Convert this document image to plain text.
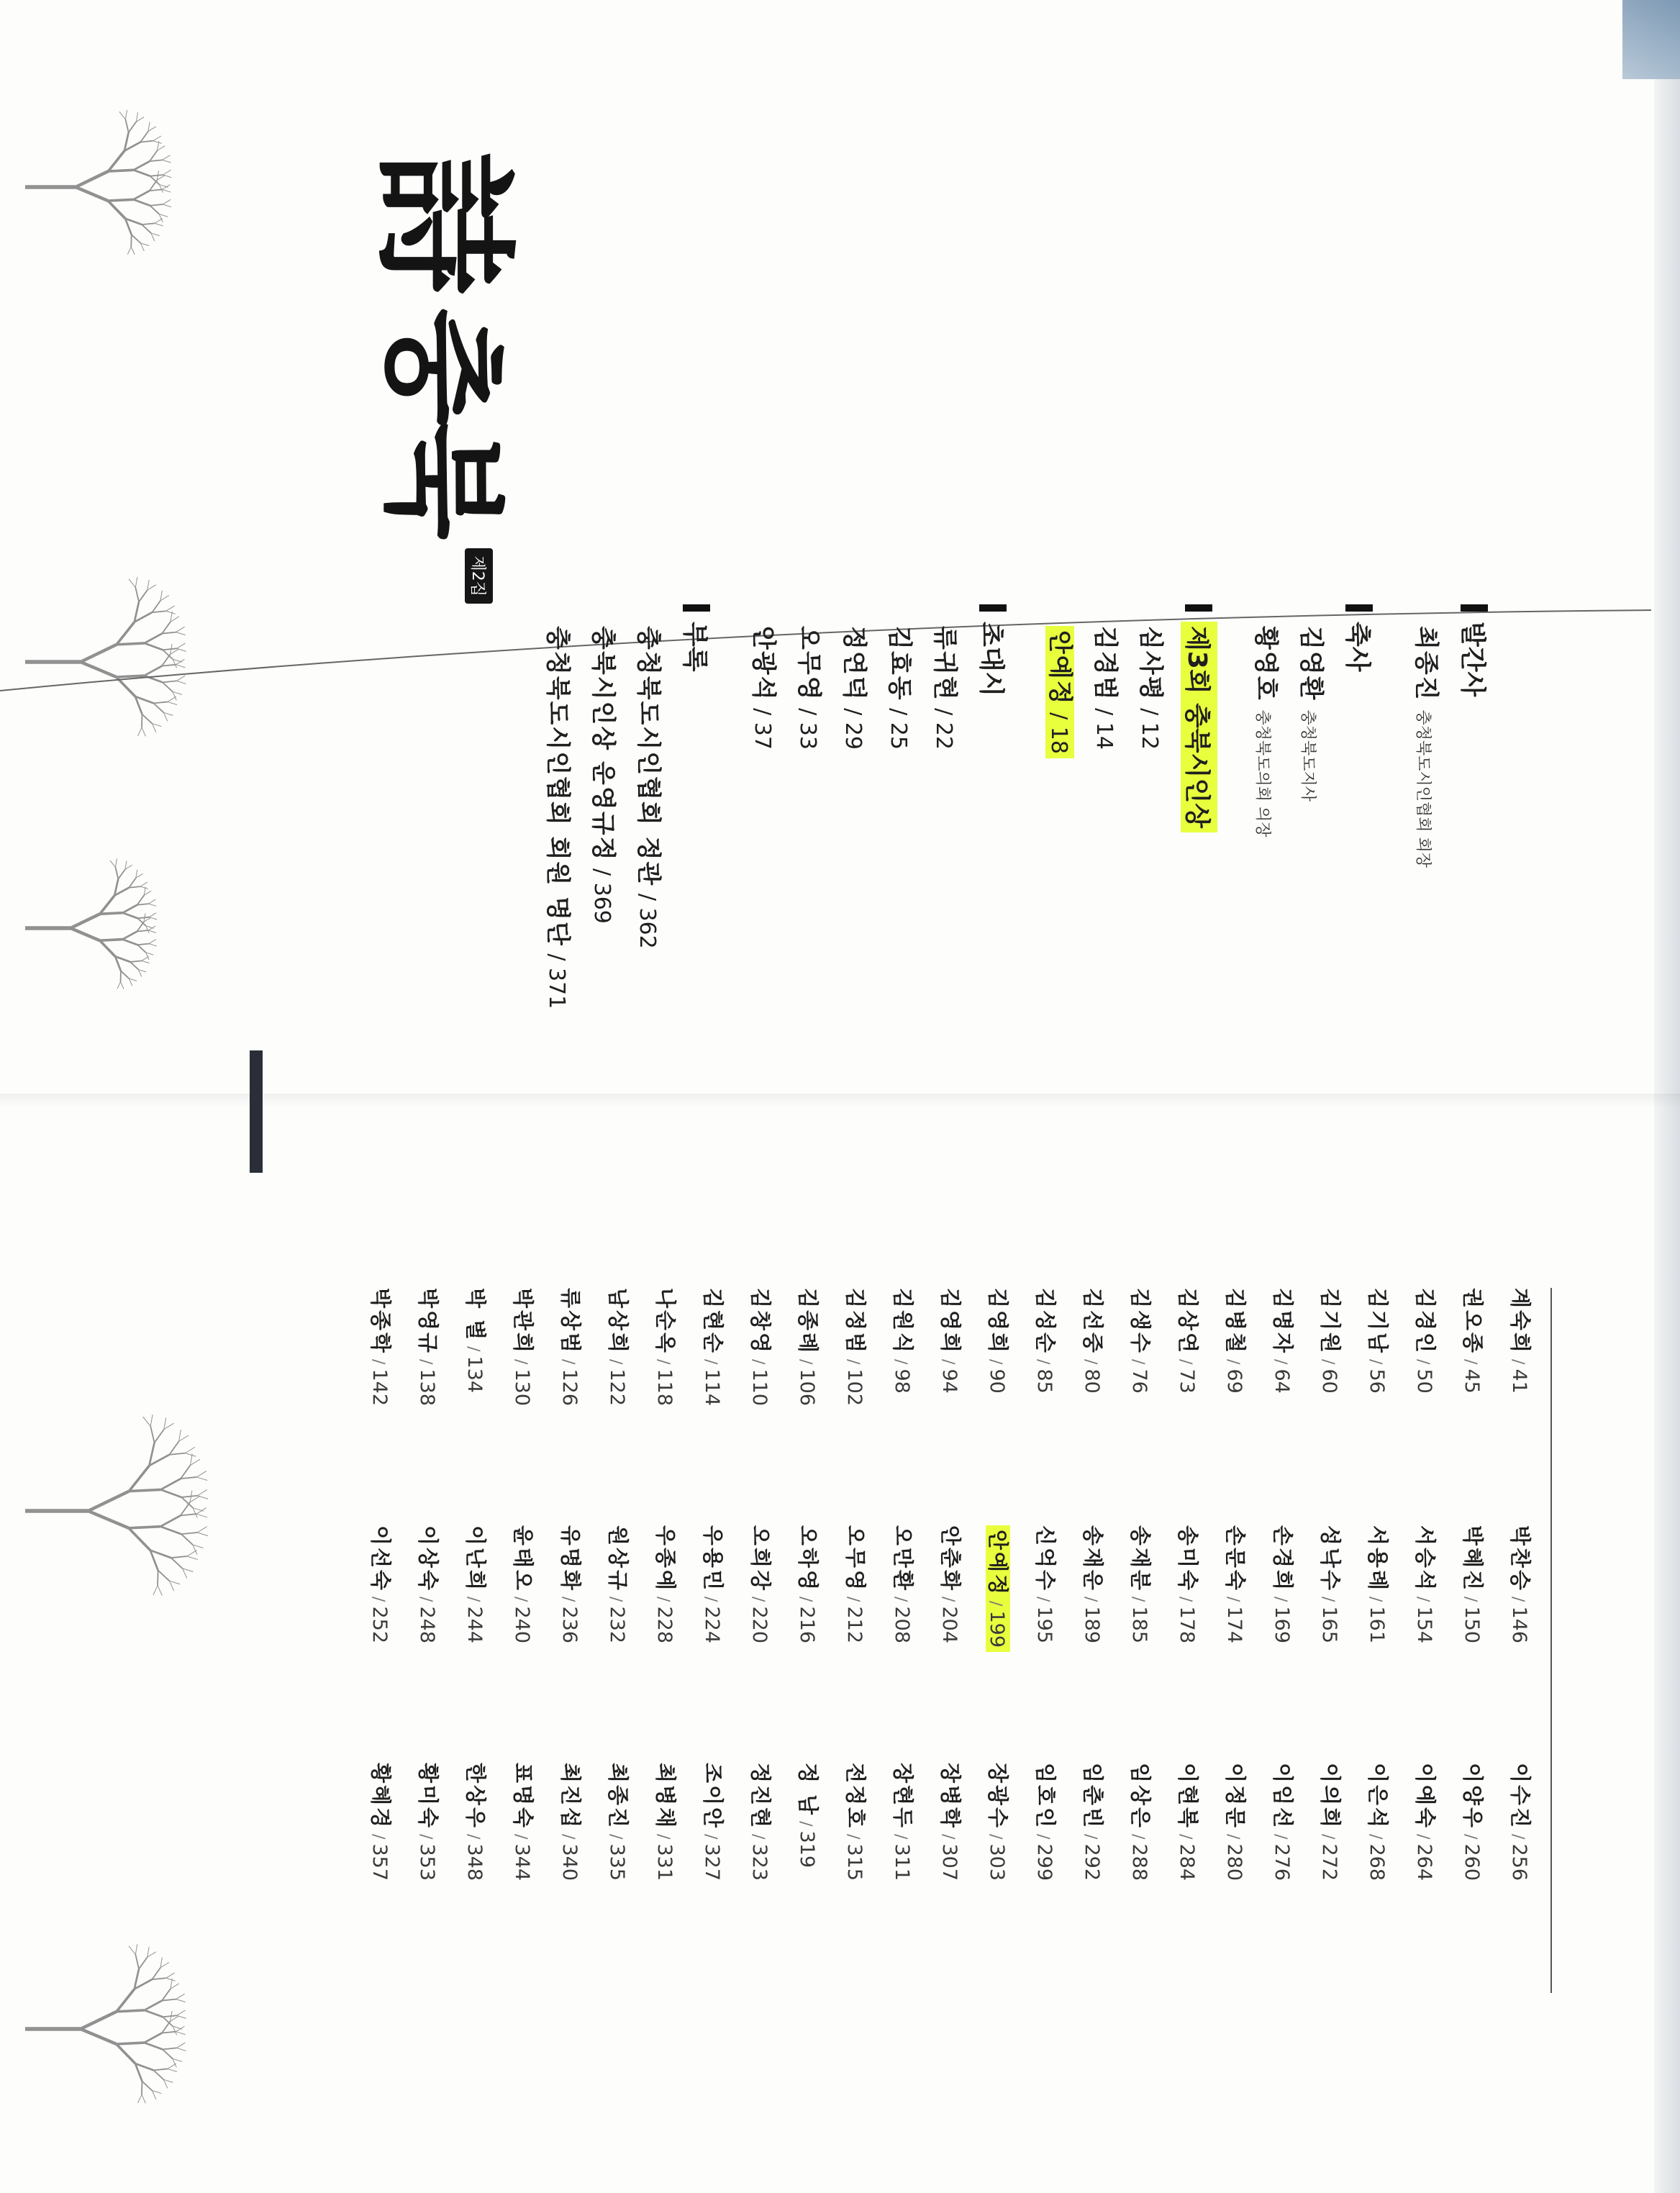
詩
충북
제2집
발간사
최종진충청북도시인협회 회장
축사
김영환충청북도지사
황영호충청북도의회 의장
제3회 충북시인상
심사평 / 12
김경범 / 14
안예정 / 18
초대시
류귀현 / 22
김효동 / 25
정연덕 / 29
오무영 / 33
안광석 / 37
부록
충청북도시인협회 정관 / 362
충북시인상 운영규정 / 369
충청북도시인협회 회원 명단 / 371
계숙희/41
권오종/45
김경인/50
김기남/56
김기원/60
김명자/64
김병철/69
김상연/73
김생수/76
김선중/80
김성순/85
김영희/90
김영희/94
김원식/98
김정범/102
김종례/106
김창영/110
김현순/114
나순옥/118
남상희/122
류상범/126
박관희/130
박 별/134
박영규/138
박종학/142
박찬승/146
박혜진/150
서승석/154
서용례/161
성낙수/165
손경희/169
손문숙/174
송미숙/178
송재분/185
송재운/189
신억수/195
안예정/199
안춘화/204
오만환/208
오무영/212
오하영/216
오희강/220
우용민/224
우종예/228
원상규/232
유명화/236
윤태오/240
이난희/244
이상숙/248
이선숙/252
이수진/256
이양우/260
이예숙/264
이은석/268
이의희/272
이임선/276
이정문/280
이현복/284
임상은/288
임춘빈/292
임호인/299
장광수/303
장병학/307
장현두/311
전정호/315
정 남/319
정진현/323
조이안/327
최병채/331
최종진/335
최진섭/340
표명숙/344
한상우/348
황미숙/353
황혜경/357
